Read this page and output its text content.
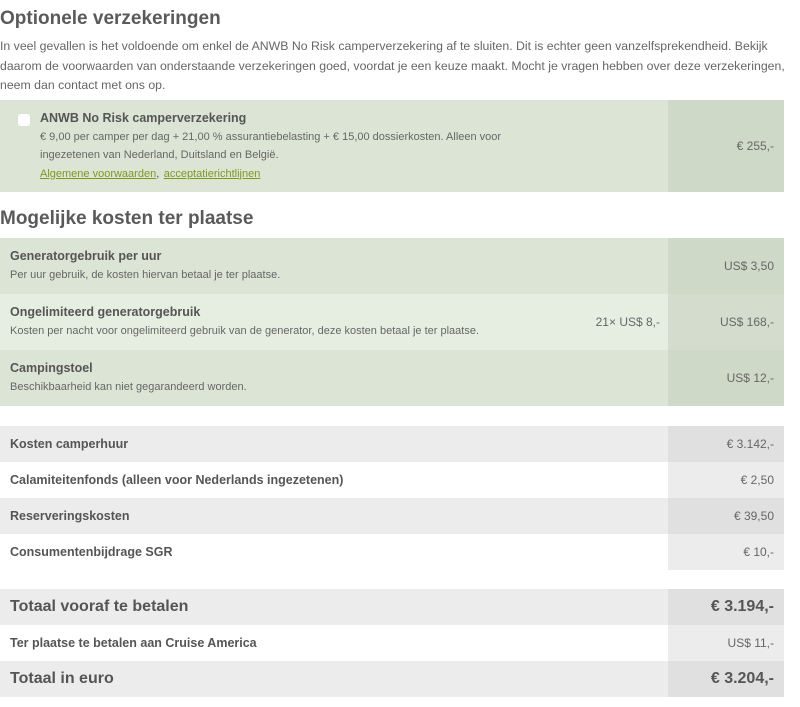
Optionele verzekeringen

In veel gevallen is het voldoende om enkel de ANWB No Risk camperverzekering af te sluiten. Dit is echter geen vanzelfsprekendheid. Bekijk daarom de voorwaarden van onderstaande verzekeringen goed, voordat je een keuze maakt. Mocht je vragen hebben over deze verzekeringen, neem dan contact met ons op.

ANWB No Risk camperverzekering
€ 9,00 per camper per dag + 21,00 % assurantiebelasting + € 15,00 dossierkosten. Alleen voor ingezetenen van Nederland, Duitsland en België.
Algemene voorwaarden, acceptatierichtlijnen
€ 255,-
Mogelijke kosten ter plaatse
Generatorgebruik per uur
Per uur gebruik, de kosten hiervan betaal je ter plaatse.
US$ 3,50
Ongelimiteerd generatorgebruik
Kosten per nacht voor ongelimiteerd gebruik van de generator, deze kosten betaal je ter plaatse.
21× US$ 8,-	US$ 168,-
Campingstoel
Beschikbaarheid kan niet gegarandeerd worden.
US$ 12,-
Kosten camperhuur	€ 3.142,-
Calamiteitenfonds (alleen voor Nederlands ingezetenen)	€ 2,50
Reserveringskosten	€ 39,50
Consumentenbijdrage SGR	€ 10,-
Totaal vooraf te betalen	€ 3.194,-
Ter plaatse te betalen aan Cruise America	US$ 11,-
Totaal in euro	€ 3.204,-
